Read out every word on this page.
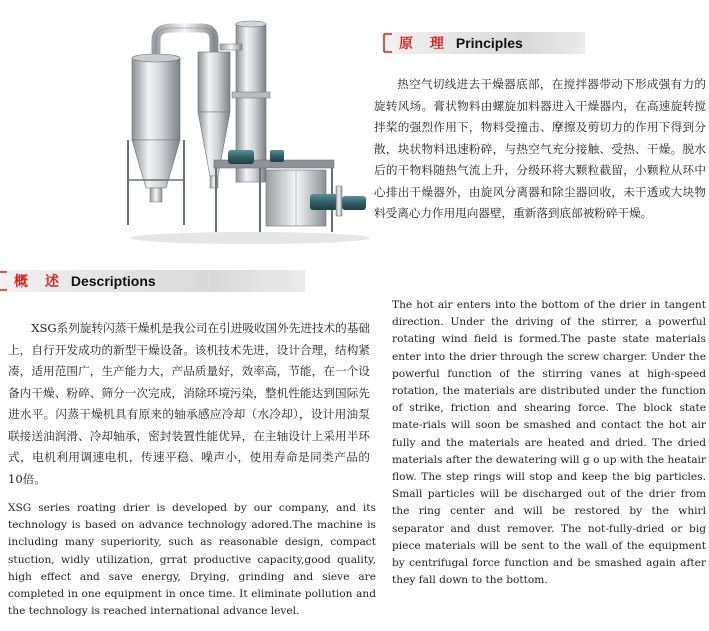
原 理 Principles
热空气切线进去干燥器底部，在搅拌器带动下形成强有力的旋转风场。膏状物料由螺旋加料器进入干燥器内，在高速旋转搅拌桨的强烈作用下，物料受撞击、摩擦及剪切力的作用下得到分散，块状物料迅速粉碎，与热空气充分接触、受热、干燥。脱水后的干物料随热气流上升，分级环将大颗粒截留，小颗粒从环中心排出干燥器外，由旋风分离器和除尘器回收，未干透或大块物料受离心力作用甩向器壁，重新落到底部被粉碎干燥。
概 述 Descriptions
XSG系列旋转闪蒸干燥机是我公司在引进吸收国外先进技术的基础上，自行开发成功的新型干燥设备。该机技术先进，设计合理，结构紧凑，适用范围广，生产能力大，产品质量好，效率高，节能，在一个设备内干燥、粉碎、筛分一次完成，消除环境污染，整机性能达到国际先进水平。闪蒸干燥机具有原来的轴承感应冷却（水冷却），设计用油泵联接送油润滑、冷却轴承，密封装置性能优异，在主轴设计上采用半环式，电机利用调速电机，传速平稳、噪声小，使用寿命是同类产品的10倍。
The hot air enters into the bottom of the drier in tangent direction. Under the driving of the stirrer, a powerful rotating wind field is formed.The paste state materials enter into the drier through the screw charger. Under the powerful function of the stirring vanes at high-speed rotation, the materials are distributed under the function of strike, friction and shearing force. The block state mate-rials will soon be smashed and contact the hot air fully and the materials are heated and dried. The dried materials after the dewatering will g o up with the heatair flow. The step rings will stop and keep the big particles. Small particles will be discharged out of the drier from the ring center and will be restored by the whirl separator and dust remover. The not-fully-dried or big piece materials will be sent to the wall of the equipment by centrifugal force function and be smashed again after they fall down to the bottom.
XSG series roating drier is developed by our company, and its technology is based on advance technology adored.The machine is including many superiority, such as reasonable design, compact stuction, widly utilization, grrat productive capacity,good quality, high effect and save energy, Drying, grinding and sieve are completed in one equipment in once time. It eliminate pollution and the technology is reached international advance level.
